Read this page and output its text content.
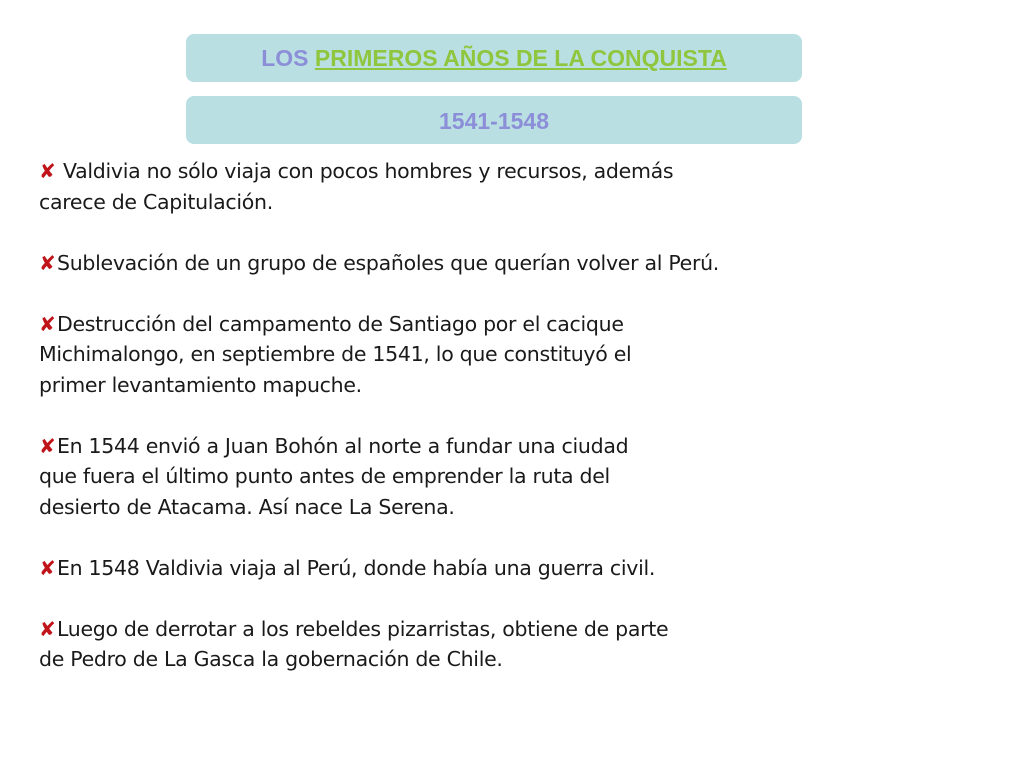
LOS PRIMEROS AÑOS DE LA CONQUISTA
1541-1548

✘ Valdivia no sólo viaja con pocos hombres y recursos, además
carece de Capitulación.

✘Sublevación de un grupo de españoles que querían volver al Perú.

✘Destrucción del campamento de Santiago por el cacique
Michimalongo, en septiembre de 1541, lo que constituyó el
primer levantamiento mapuche.

✘En 1544 envió a Juan Bohón al norte a fundar una ciudad
que fuera el último punto antes de emprender la ruta del
desierto de Atacama. Así nace La Serena.

✘En 1548 Valdivia viaja al Perú, donde había una guerra civil.

✘Luego de derrotar a los rebeldes pizarristas, obtiene de parte
de Pedro de La Gasca la gobernación de Chile.
